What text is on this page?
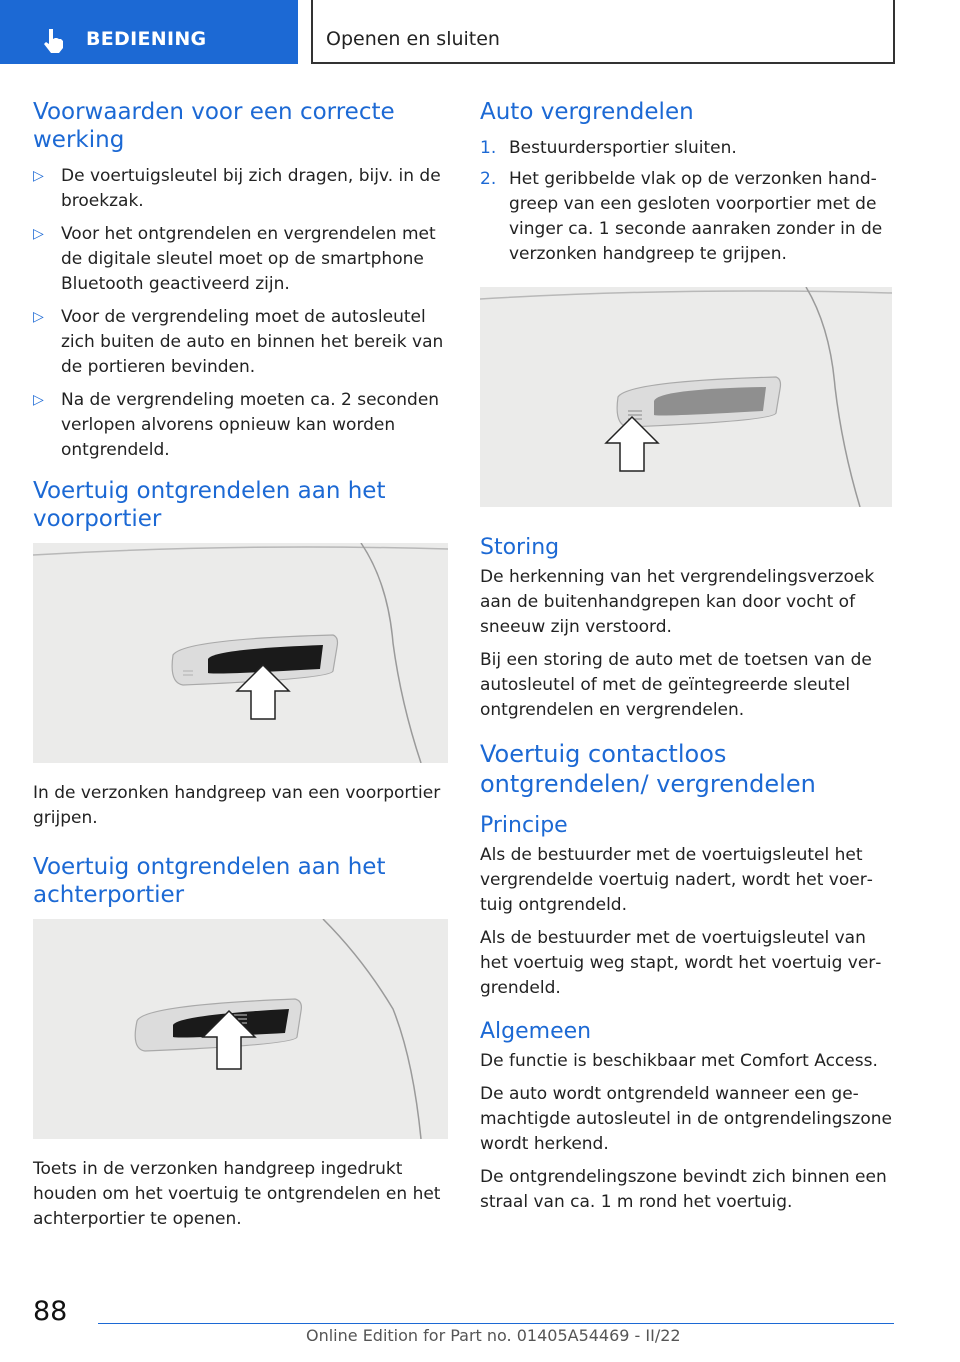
BEDIENING	Openen en sluiten
Voorwaarden voor een correcte werking
▷ De voertuigsleutel bij zich dragen, bijv. in de broekzak.
▷ Voor het ontgrendelen en vergrendelen met de digitale sleutel moet op de smartphone Bluetooth geactiveerd zijn.
▷ Voor de vergrendeling moet de autosleutel zich buiten de auto en binnen het bereik van de portieren bevinden.
▷ Na de vergrendeling moeten ca. 2 seconden verlopen alvorens opnieuw kan worden ontgrendeld.
Voertuig ontgrendelen aan het voorportier

In de verzonken handgreep van een voorportier grijpen.

Voertuig ontgrendelen aan het achterportier

Toets in de verzonken handgreep ingedrukt houden om het voertuig te ontgrendelen en het achterportier te openen.

Auto vergrendelen
1. Bestuurdersportier sluiten.
2. Het geribbelde vlak op de verzonken handgreep van een gesloten voorportier met de vinger ca. 1 seconde aanraken zonder in de verzonken handgreep te grijpen.
Storing

De herkenning van het vergrendelingsverzoek aan de buitenhandgrepen kan door vocht of sneeuw zijn verstoord.

Bij een storing de auto met de toetsen van de autosleutel of met de geïntegreerde sleutel ontgrendelen en vergrendelen.

Voertuig contactloos ontgrendelen/ vergrendelen
Principe

Als de bestuurder met de voertuigsleutel het vergrendelde voertuig nadert, wordt het voertuig ontgrendeld.

Als de bestuurder met de voertuigsleutel van het voertuig weg stapt, wordt het voertuig vergrendeld.

Algemeen

De functie is beschikbaar met Comfort Access.

De auto wordt ontgrendeld wanneer een gemachtigde autosleutel in de ontgrendelingszone wordt herkend.

De ontgrendelingszone bevindt zich binnen een straal van ca. 1 m rond het voertuig.

88
Online Edition for Part no. 01405A54469 - II/22
